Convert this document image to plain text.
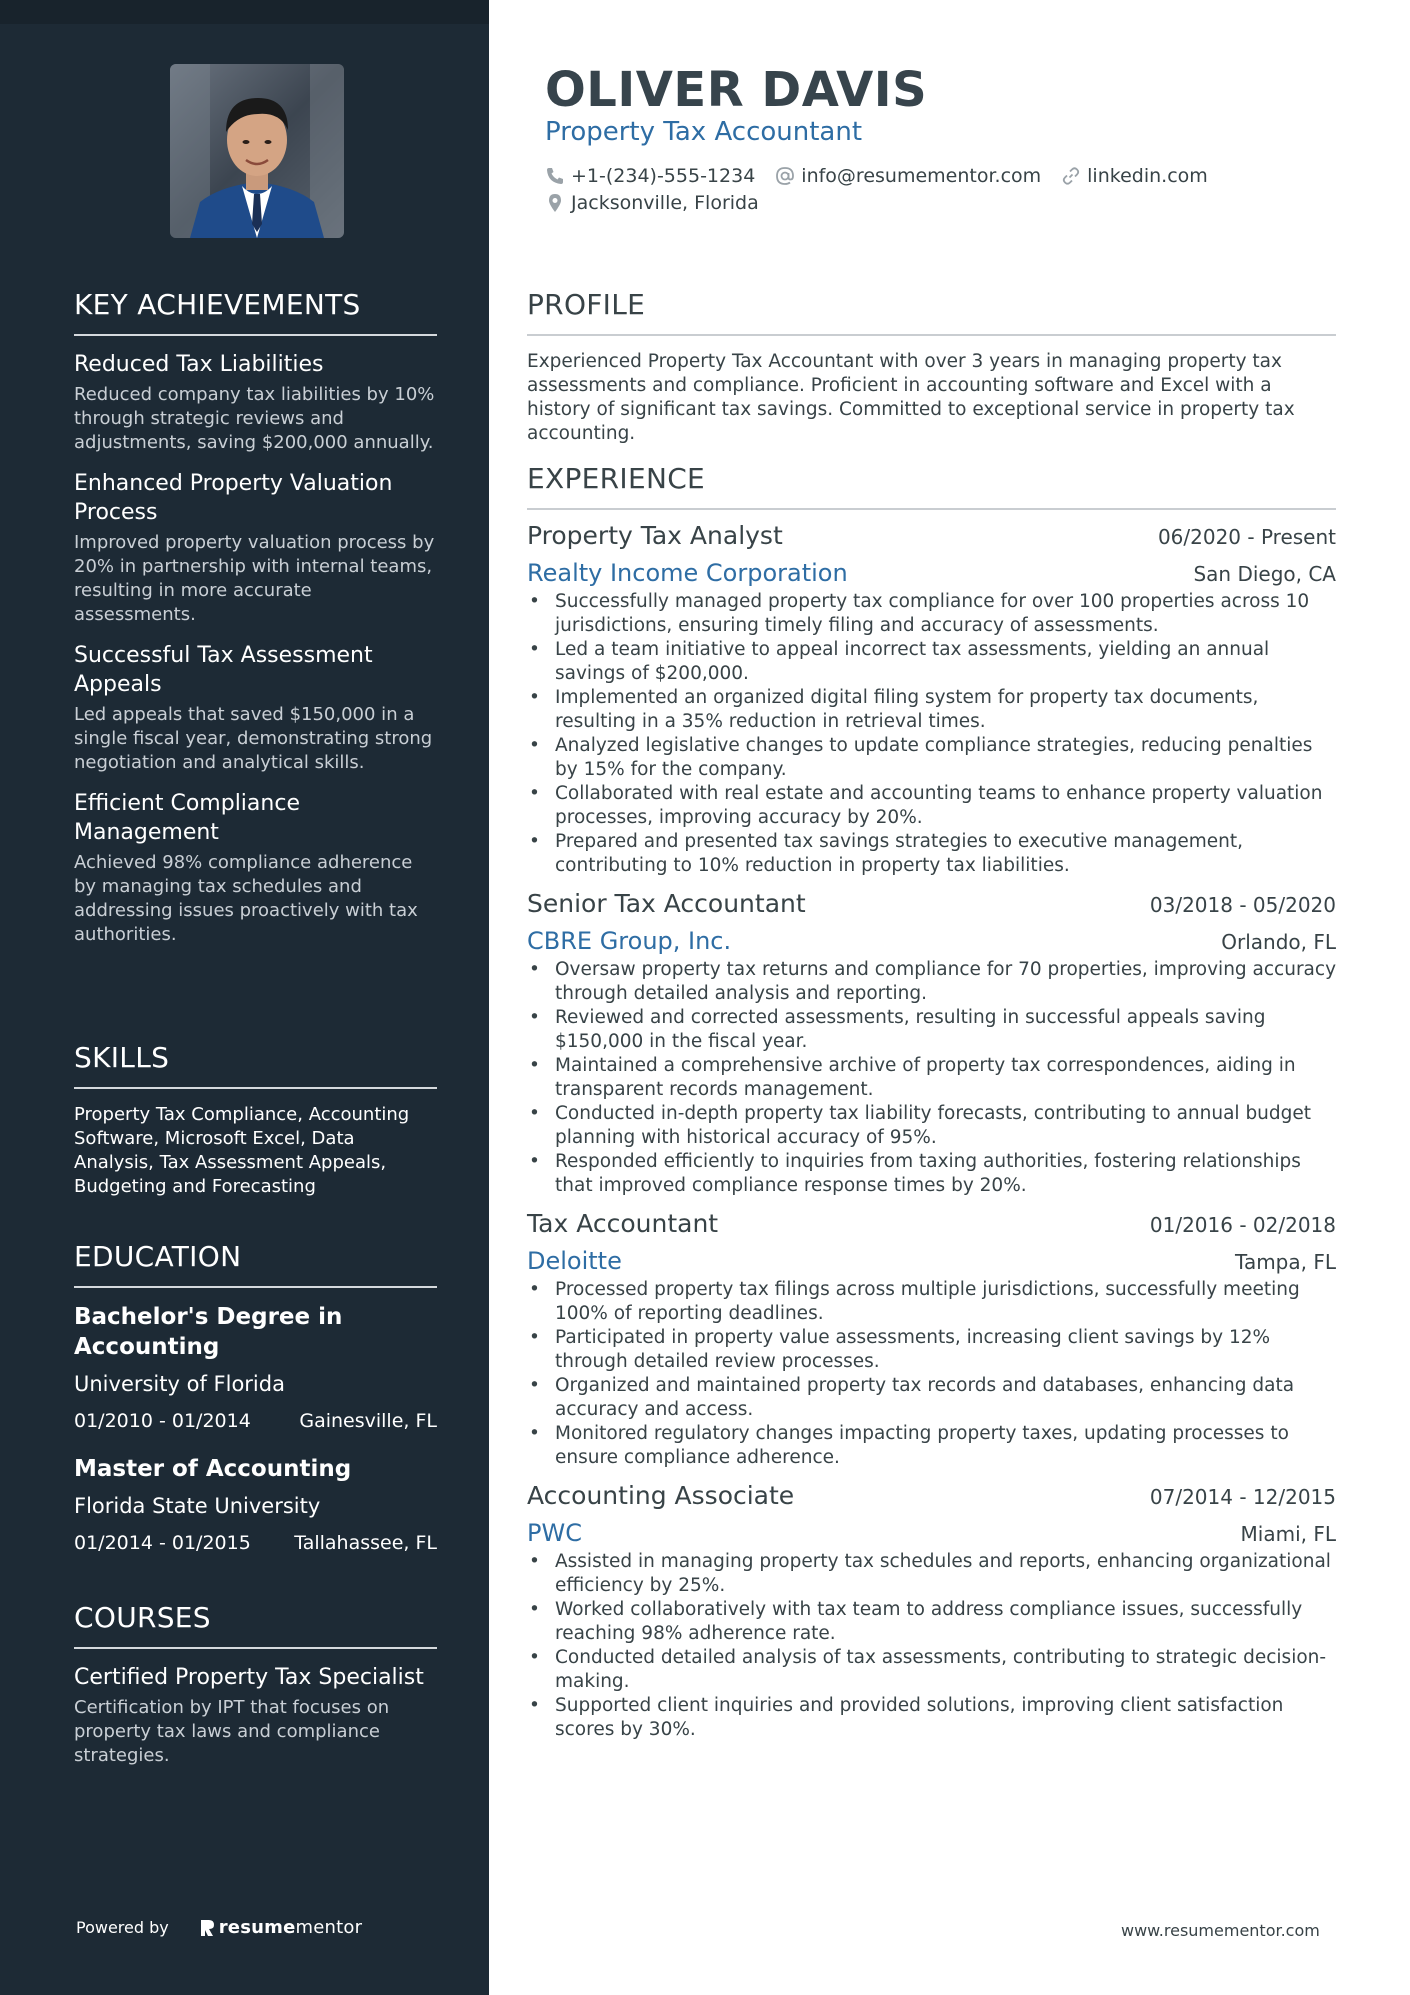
KEY ACHIEVEMENTS
Reduced Tax Liabilities
Reduced company tax liabilities by 10% through strategic reviews and adjustments, saving $200,000 annually.
Enhanced Property Valuation Process
Improved property valuation process by 20% in partnership with internal teams, resulting in more accurate assessments.
Successful Tax Assessment Appeals
Led appeals that saved $150,000 in a single fiscal year, demonstrating strong negotiation and analytical skills.
Efficient Compliance Management
Achieved 98% compliance adherence by managing tax schedules and addressing issues proactively with tax authorities.
SKILLS
Property Tax Compliance, Accounting Software, Microsoft Excel, Data Analysis, Tax Assessment Appeals, Budgeting and Forecasting
EDUCATION
Bachelor's Degree in Accounting
University of Florida
01/2010 - 01/2014	Gainesville, FL
Master of Accounting
Florida State University
01/2014 - 01/2015 Tallahassee, FL
COURSES
Certified Property Tax Specialist
Certification by IPT that focuses on property tax laws and compliance strategies.
Powered by	resume mentor
OLIVER DAVIS
Property Tax Accountant
+1-(234)-555-1234 info@resumementor.com linkedin.com
Jacksonville, Florida
PROFILE
Experienced Property Tax Accountant with over 3 years in managing property tax assessments and compliance. Proficient in accounting software and Excel with a history of significant tax savings. Committed to exceptional service in property tax accounting.
EXPERIENCE
Property Tax Analyst	06/2020 - Present
Realty Income Corporation	San Diego, CA
• Successfully managed property tax compliance for over 100 properties across 10 jurisdictions, ensuring timely filing and accuracy of assessments.
• Led a team initiative to appeal incorrect tax assessments, yielding an annual savings of $200,000.
• Implemented an organized digital filing system for property tax documents, resulting in a 35% reduction in retrieval times.
• Analyzed legislative changes to update compliance strategies, reducing penalties by 15% for the company.
• Collaborated with real estate and accounting teams to enhance property valuation processes, improving accuracy by 20%.
• Prepared and presented tax savings strategies to executive management, contributing to 10% reduction in property tax liabilities.
Senior Tax Accountant	03/2018 - 05/2020
CBRE Group, Inc.	Orlando, FL
• Oversaw property tax returns and compliance for 70 properties, improving accuracy through detailed analysis and reporting.
• Reviewed and corrected assessments, resulting in successful appeals saving $150,000 in the fiscal year.
• Maintained a comprehensive archive of property tax correspondences, aiding in transparent records management.
• Conducted in-depth property tax liability forecasts, contributing to annual budget planning with historical accuracy of 95%.
• Responded efficiently to inquiries from taxing authorities, fostering relationships that improved compliance response times by 20%.
Tax Accountant	01/2016 - 02/2018
Deloitte	Tampa, FL
• Processed property tax filings across multiple jurisdictions, successfully meeting 100% of reporting deadlines.
• Participated in property value assessments, increasing client savings by 12% through detailed review processes.
• Organized and maintained property tax records and databases, enhancing data accuracy and access.
• Monitored regulatory changes impacting property taxes, updating processes to ensure compliance adherence.
Accounting Associate	07/2014 - 12/2015
PWC	Miami, FL
• Assisted in managing property tax schedules and reports, enhancing organizational efficiency by 25%.
• Worked collaboratively with tax team to address compliance issues, successfully reaching 98% adherence rate.
• Conducted detailed analysis of tax assessments, contributing to strategic decision-making.
• Supported client inquiries and provided solutions, improving client satisfaction scores by 30%.
www.resumementor.com
